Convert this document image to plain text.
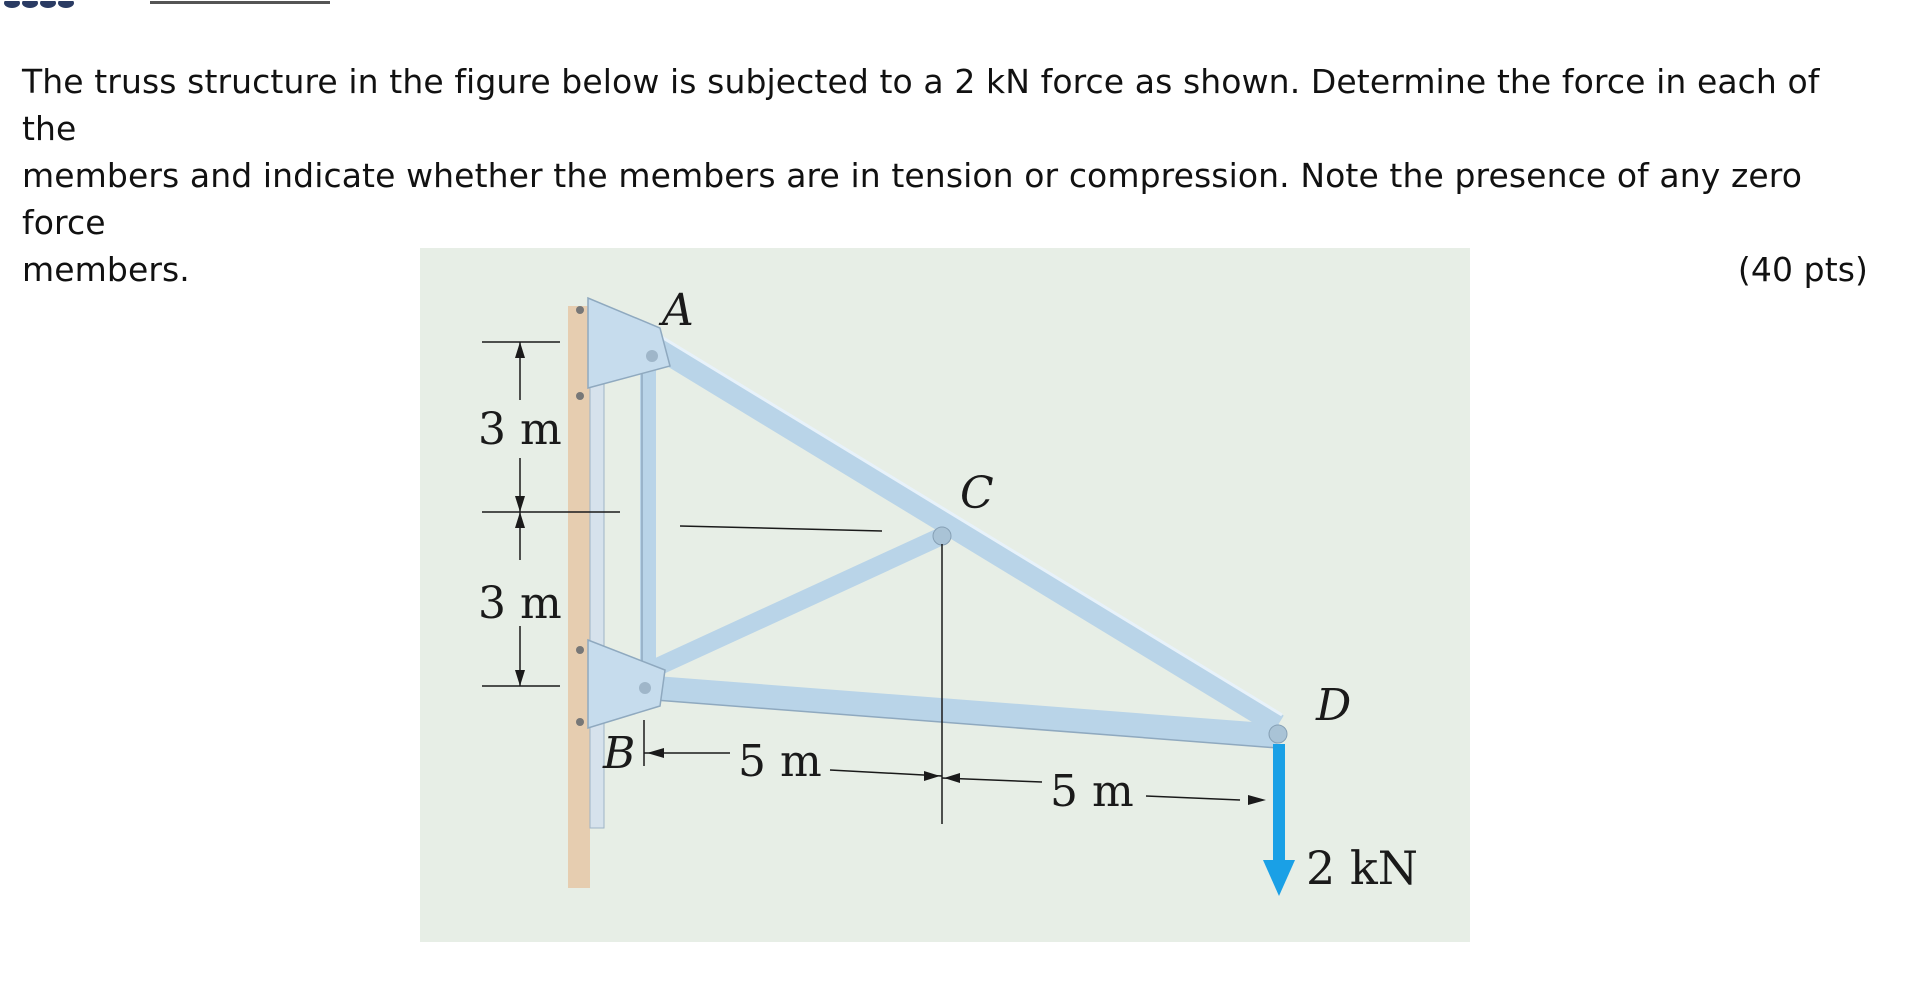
The truss structure in the figure below is subjected to a 2 kN force as shown. Determine the force in each of the

members and indicate whether the members are in tension or compression. Note the presence of any zero force

members.	(40 pts)
A
B
C
D
3 m
3 m
5 m
5 m
2 kN
